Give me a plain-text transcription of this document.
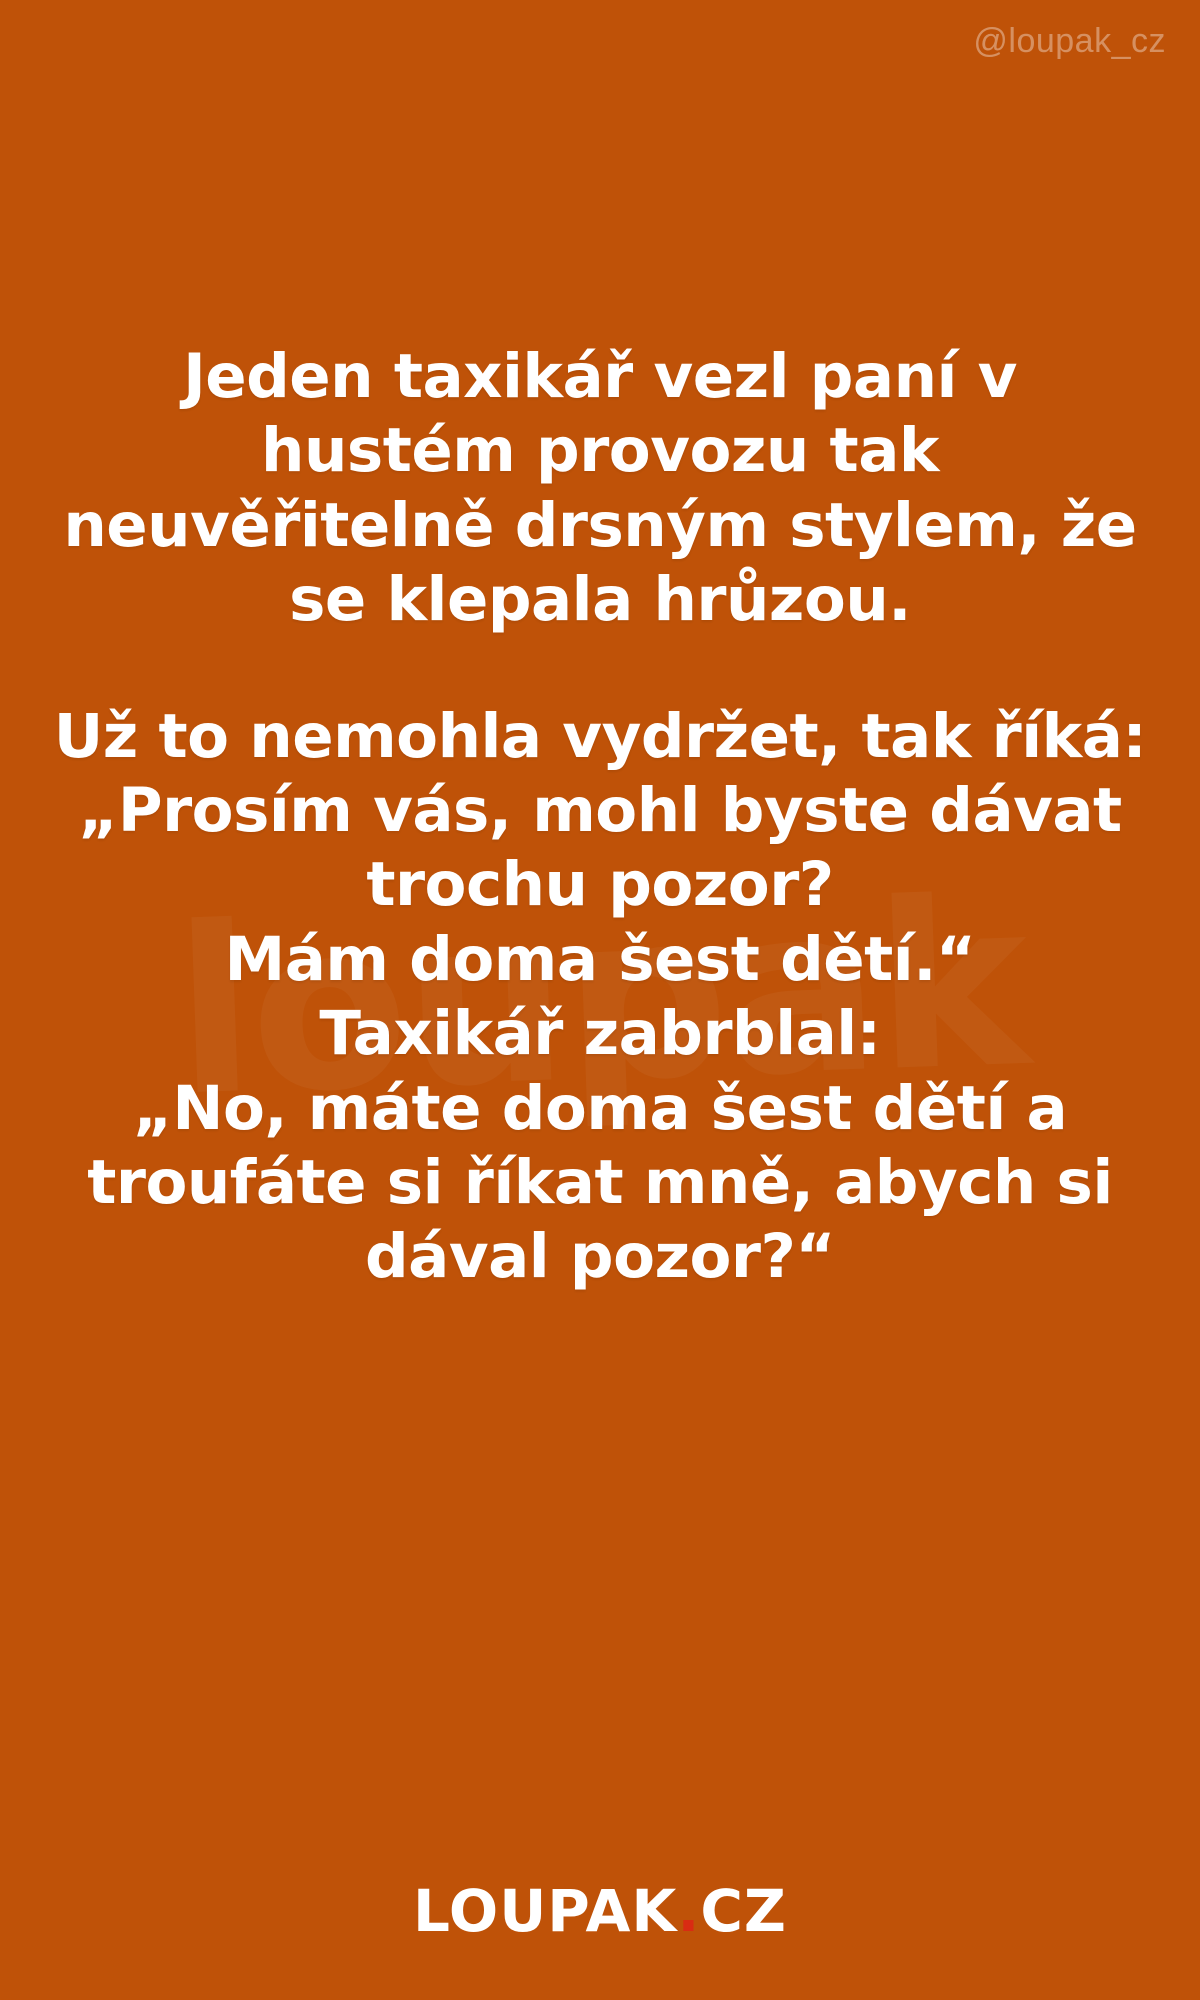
@loupak_cz

Jeden taxikář vezl paní v

hustém provozu tak

neuvěřitelně drsným stylem, že

se klepala hrůzou.

Už to nemohla vydržet, tak říká:

„Prosím vás, mohl byste dávat

trochu pozor?

Mám doma šest dětí.“

Taxikář zabrblal:

„No, máte doma šest dětí a

troufáte si říkat mně, abych si

dával pozor?“

LOUPAK.CZ
